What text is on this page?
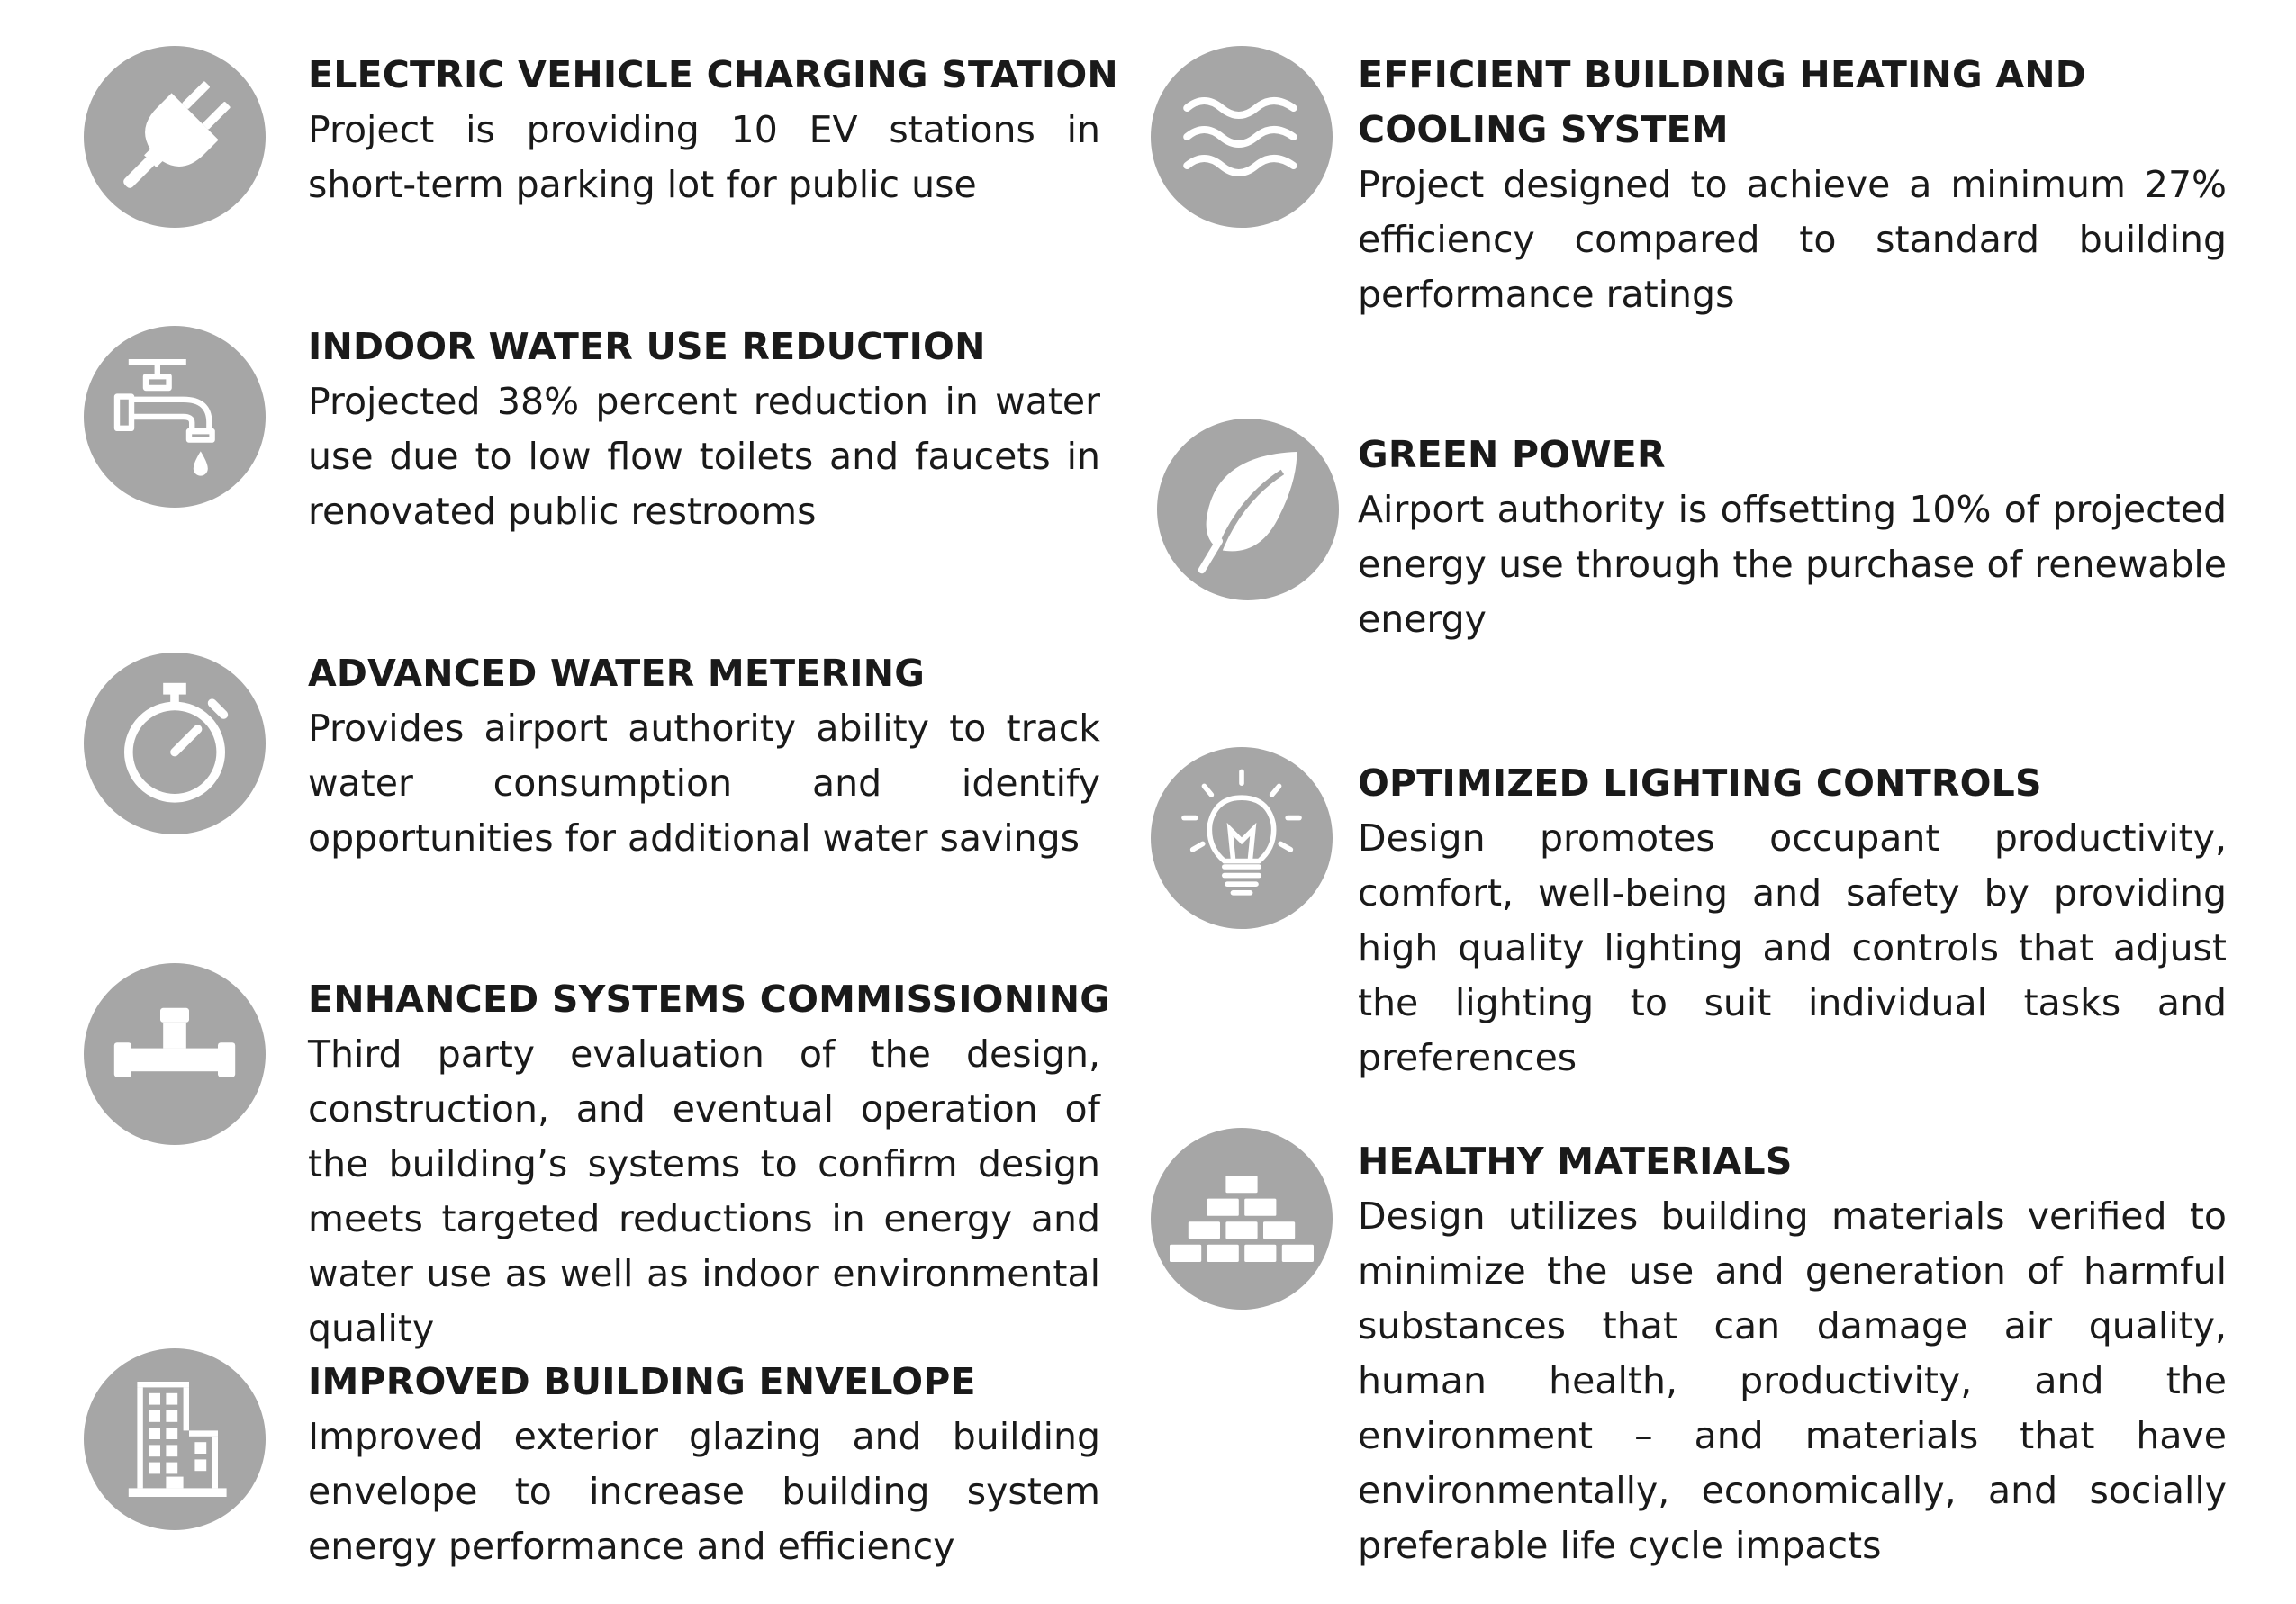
ELECTRIC VEHICLE CHARGING STATION
Project is providing 10 EV stations in short-term parking lot for public use
INDOOR WATER USE REDUCTION
Projected 38% percent reduction in water use due to low flow toilets and faucets in renovated public restrooms
ADVANCED WATER METERING
Provides airport authority ability to track water consumption and identify opportunities for additional water savings
ENHANCED SYSTEMS COMMISSIONING
Third party evaluation of the design, construction, and eventual operation of the building’s systems to confirm design meets targeted reductions in energy and water use as well as indoor environmental quality
IMPROVED BUILDING ENVELOPE
Improved exterior glazing and building envelope to increase building system energy performance and efficiency
EFFICIENT BUILDING HEATING AND COOLING SYSTEM
Project designed to achieve a minimum 27% efficiency compared to standard building performance ratings
GREEN POWER
Airport authority is offsetting 10% of projected energy use through the purchase of renewable energy
OPTIMIZED LIGHTING CONTROLS
Design promotes occupant productivity, comfort, well-being and safety by providing high quality lighting and controls that adjust the lighting to suit individual tasks and preferences
HEALTHY MATERIALS
Design utilizes building materials verified to minimize the use and generation of harmful substances that can damage air quality, human health, productivity, and the environment – and materials that have environmentally, economically, and socially preferable life cycle impacts
